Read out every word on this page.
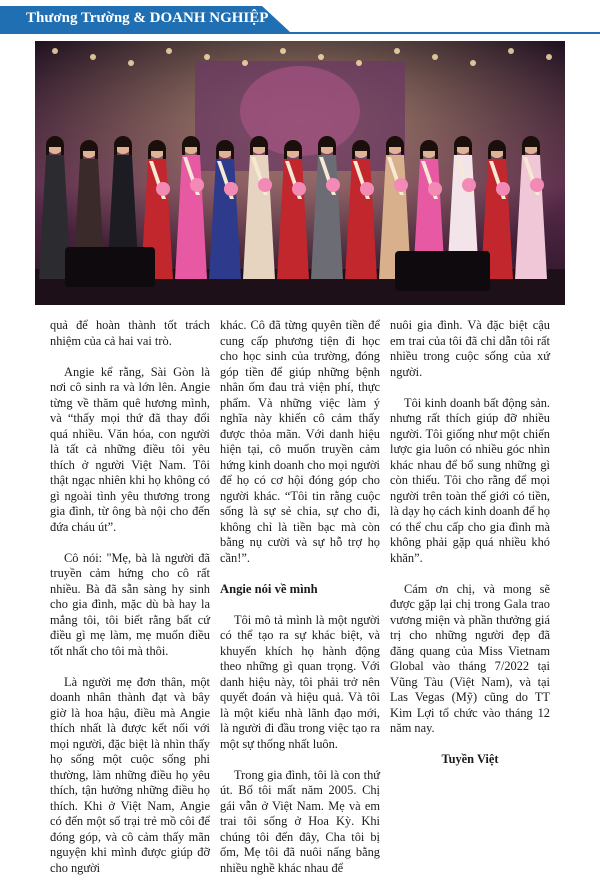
Thương Trường & DOANH NGHIỆP

quả để hoàn thành tốt trách nhiệm của cả hai vai trò.

Angie kể rằng, Sài Gòn là nơi cô sinh ra và lớn lên. Angie từng về thăm quê hương mình, và “thấy mọi thứ đã thay đổi quá nhiều. Văn hóa, con người là tất cả những điều tôi yêu thích ở người Việt Nam. Tôi thật ngạc nhiên khi họ không có gì ngoài tình yêu thương trong gia đình, từ ông bà nội cho đến đứa cháu út”.

Cô nói: "Mẹ, bà là người đã truyền cảm hứng cho cô rất nhiều. Bà đã sẵn sàng hy sinh cho gia đình, mặc dù bà hay la mắng tôi, tôi biết rằng bất cứ điều gì mẹ làm, mẹ muốn điều tốt nhất cho tôi mà thôi.

Là người mẹ đơn thân, một doanh nhân thành đạt và bây giờ là hoa hậu, điều mà Angie thích nhất là được kết nối với mọi người, đặc biệt là nhìn thấy họ sống một cuộc sống phi thường, làm những điều họ yêu thích, tận hưởng những điều họ thích. Khi ở Việt Nam, Angie có đến một số trại trẻ mồ côi để đóng góp, và cô cảm thấy mãn nguyện khi mình được giúp đỡ cho người

khác. Cô đã từng quyên tiền để cung cấp phương tiện đi học cho học sinh của trường, đóng góp tiền để giúp những bệnh nhân ốm đau trả viện phí, thực phẩm. Và những việc làm ý nghĩa này khiến cô cảm thấy được thỏa mãn. Với danh hiệu hiện tại, cô muốn truyền cảm hứng kinh doanh cho mọi người để họ có cơ hội đóng góp cho người khác. “Tôi tin rằng cuộc sống là sự sẻ chia, sự cho đi, không chỉ là tiền bạc mà còn bằng nụ cười và sự hỗ trợ họ cần!”.

Angie nói về mình

Tôi mô tả mình là một người có thể tạo ra sự khác biệt, và khuyến khích họ hành động theo những gì quan trọng. Với danh hiệu này, tôi phải trở nên quyết đoán và hiệu quả. Và tôi là một kiểu nhà lãnh đạo mới, là người đi đầu trong việc tạo ra một sự thống nhất luôn.

Trong gia đình, tôi là con thứ út. Bố tôi mất năm 2005. Chị gái vẫn ở Việt Nam. Mẹ và em trai tôi sống ở Hoa Kỳ. Khi chúng tôi đến đây, Cha tôi bị ốm, Mẹ tôi đã nuôi nấng bằng nhiều nghề khác nhau để

nuôi gia đình. Và đặc biệt cậu em trai của tôi đã chỉ dẫn tôi rất nhiều trong cuộc sống của xứ người.

Tôi kinh doanh bất động sản. nhưng rất thích giúp đỡ nhiều người. Tôi giống như một chiến lược gia luôn có nhiều góc nhìn khác nhau để bổ sung những gì còn thiếu. Tôi cho rằng để mọi người trên toàn thế giới có tiền, là dạy họ cách kinh doanh để họ có thể chu cấp cho gia đình mà không phải gặp quá nhiều khó khăn”.

Cám ơn chị, và mong sẽ được gặp lại chị trong Gala trao vương miện và phần thưởng giá trị cho những người đẹp đã đăng quang của Miss Vietnam Global vào tháng 7/2022 tại Vũng Tàu (Việt Nam), và tại Las Vegas (Mỹ) cũng do TT Kim Lợi tổ chức vào tháng 12 năm nay.

Tuyền Việt
